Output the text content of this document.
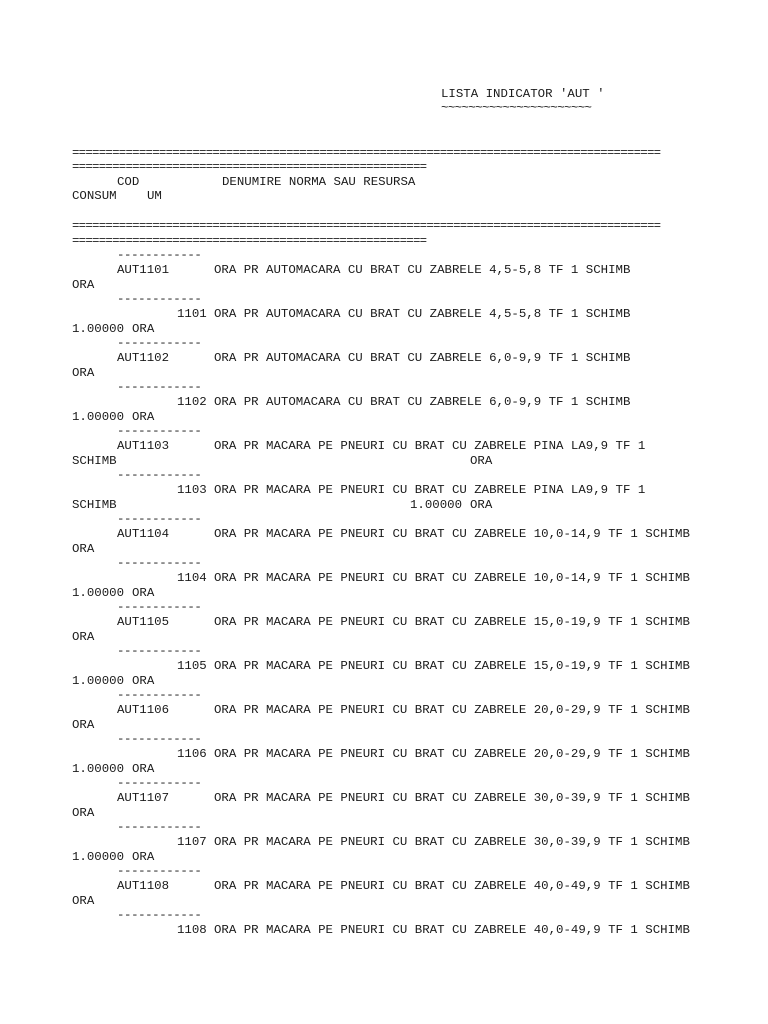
LISTA INDICATOR 'AUT '
~~~~~~~~~~~~~~~~~~~~~~
========================================================================================
=====================================================
COD	DENUMIRE NORMA SAU RESURSA
CONSUM UM
========================================================================================
=====================================================
------------
AUT1101	ORA PR AUTOMACARA CU BRAT CU ZABRELE 4,5-5,8 TF 1 SCHIMB
ORA
------------
1101 ORA PR AUTOMACARA CU BRAT CU ZABRELE 4,5-5,8 TF 1 SCHIMB
1.00000 ORA
------------
AUT1102	ORA PR AUTOMACARA CU BRAT CU ZABRELE 6,0-9,9 TF 1 SCHIMB
ORA
------------
1102 ORA PR AUTOMACARA CU BRAT CU ZABRELE 6,0-9,9 TF 1 SCHIMB
1.00000 ORA
------------
AUT1103	ORA PR MACARA PE PNEURI CU BRAT CU ZABRELE PINA LA9,9 TF 1
SCHIMB	ORA
------------
1103 ORA PR MACARA PE PNEURI CU BRAT CU ZABRELE PINA LA9,9 TF 1
SCHIMB	1.00000 ORA
------------
AUT1104	ORA PR MACARA PE PNEURI CU BRAT CU ZABRELE 10,0-14,9 TF 1 SCHIMB
ORA
------------
1104 ORA PR MACARA PE PNEURI CU BRAT CU ZABRELE 10,0-14,9 TF 1 SCHIMB
1.00000 ORA
------------
AUT1105	ORA PR MACARA PE PNEURI CU BRAT CU ZABRELE 15,0-19,9 TF 1 SCHIMB
ORA
------------
1105 ORA PR MACARA PE PNEURI CU BRAT CU ZABRELE 15,0-19,9 TF 1 SCHIMB
1.00000 ORA
------------
AUT1106	ORA PR MACARA PE PNEURI CU BRAT CU ZABRELE 20,0-29,9 TF 1 SCHIMB
ORA
------------
1106 ORA PR MACARA PE PNEURI CU BRAT CU ZABRELE 20,0-29,9 TF 1 SCHIMB
1.00000 ORA
------------
AUT1107	ORA PR MACARA PE PNEURI CU BRAT CU ZABRELE 30,0-39,9 TF 1 SCHIMB
ORA
------------
1107 ORA PR MACARA PE PNEURI CU BRAT CU ZABRELE 30,0-39,9 TF 1 SCHIMB
1.00000 ORA
------------
AUT1108	ORA PR MACARA PE PNEURI CU BRAT CU ZABRELE 40,0-49,9 TF 1 SCHIMB
ORA
------------
1108 ORA PR MACARA PE PNEURI CU BRAT CU ZABRELE 40,0-49,9 TF 1 SCHIMB
